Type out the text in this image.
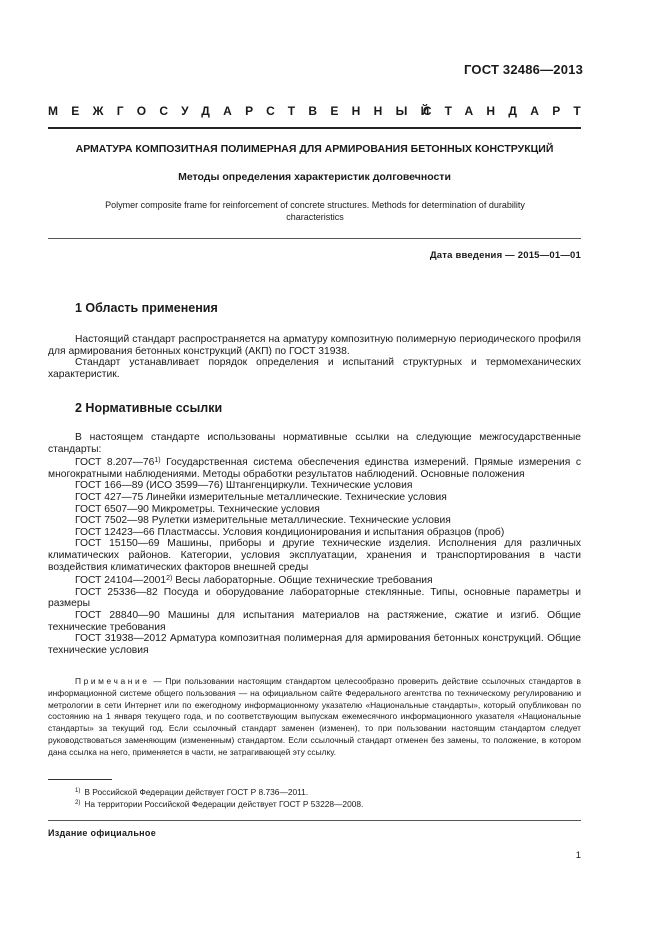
ГОСТ 32486—2013
МЕЖГОСУДАРСТВЕННЫЙ
СТАНДАРТ
АРМАТУРА КОМПОЗИТНАЯ ПОЛИМЕРНАЯ ДЛЯ АРМИРОВАНИЯ БЕТОННЫХ КОНСТРУКЦИЙ
Методы определения характеристик долговечности
Polymer composite frame for reinforcement of concrete structures. Methods for determination of durability characteristics
Дата введения — 2015—01—01
1 Область применения

Настоящий стандарт распространяется на арматуру композитную полимерную периодического профиля для армирования бетонных конструкций (АКП) по ГОСТ 31938.

Стандарт устанавливает порядок определения и испытаний структурных и термомеханических характеристик.

2 Нормативные ссылки

В настоящем стандарте использованы нормативные ссылки на следующие межгосударственные стандарты:

ГОСТ 8.207—76$^{1)}$ Государственная система обеспечения единства измерений. Прямые измерения с многократными наблюдениями. Методы обработки результатов наблюдений. Основные положения

ГОСТ 166—89 (ИСО 3599—76) Штангенциркули. Технические условия

ГОСТ 427—75 Линейки измерительные металлические. Технические условия

ГОСТ 6507—90 Микрометры. Технические условия

ГОСТ 7502—98 Рулетки измерительные металлические. Технические условия

ГОСТ 12423—66 Пластмассы. Условия кондиционирования и испытания образцов (проб)

ГОСТ 15150—69 Машины, приборы и другие технические изделия. Исполнения для различных климатических районов. Категории, условия эксплуатации, хранения и транспортирования в части воздействия климатических факторов внешней среды

ГОСТ 24104—2001$^{2)}$ Весы лабораторные. Общие технические требования

ГОСТ 25336—82 Посуда и оборудование лабораторные стеклянные. Типы, основные параметры и размеры

ГОСТ 28840—90 Машины для испытания материалов на растяжение, сжатие и изгиб. Общие технические требования

ГОСТ 31938—2012 Арматура композитная полимерная для армирования бетонных конструкций. Общие технические условия

Примечание — При пользовании настоящим стандартом целесообразно проверить действие ссылочных стандартов в информационной системе общего пользования — на официальном сайте Федерального агентства по техническому регулированию и метрологии в сети Интернет или по ежегодному информационному указателю «Национальные стандарты», который опубликован по состоянию на 1 января текущего года, и по соответствующим выпускам ежемесячного информационного указателя «Национальные стандарты» за текущий год. Если ссылочный стандарт заменен (изменен), то при пользовании настоящим стандартом следует руководствоваться заменяющим (измененным) стандартом. Если ссылочный стандарт отменен без замены, то положение, в котором дана ссылка на него, применяется в части, не затрагивающей эту ссылку.

$^{1)}$ В Российской Федерации действует ГОСТ Р 8.736—2011.
$^{2)}$ На территории Российской Федерации действует ГОСТ Р 53228—2008.
Издание официальное
1
